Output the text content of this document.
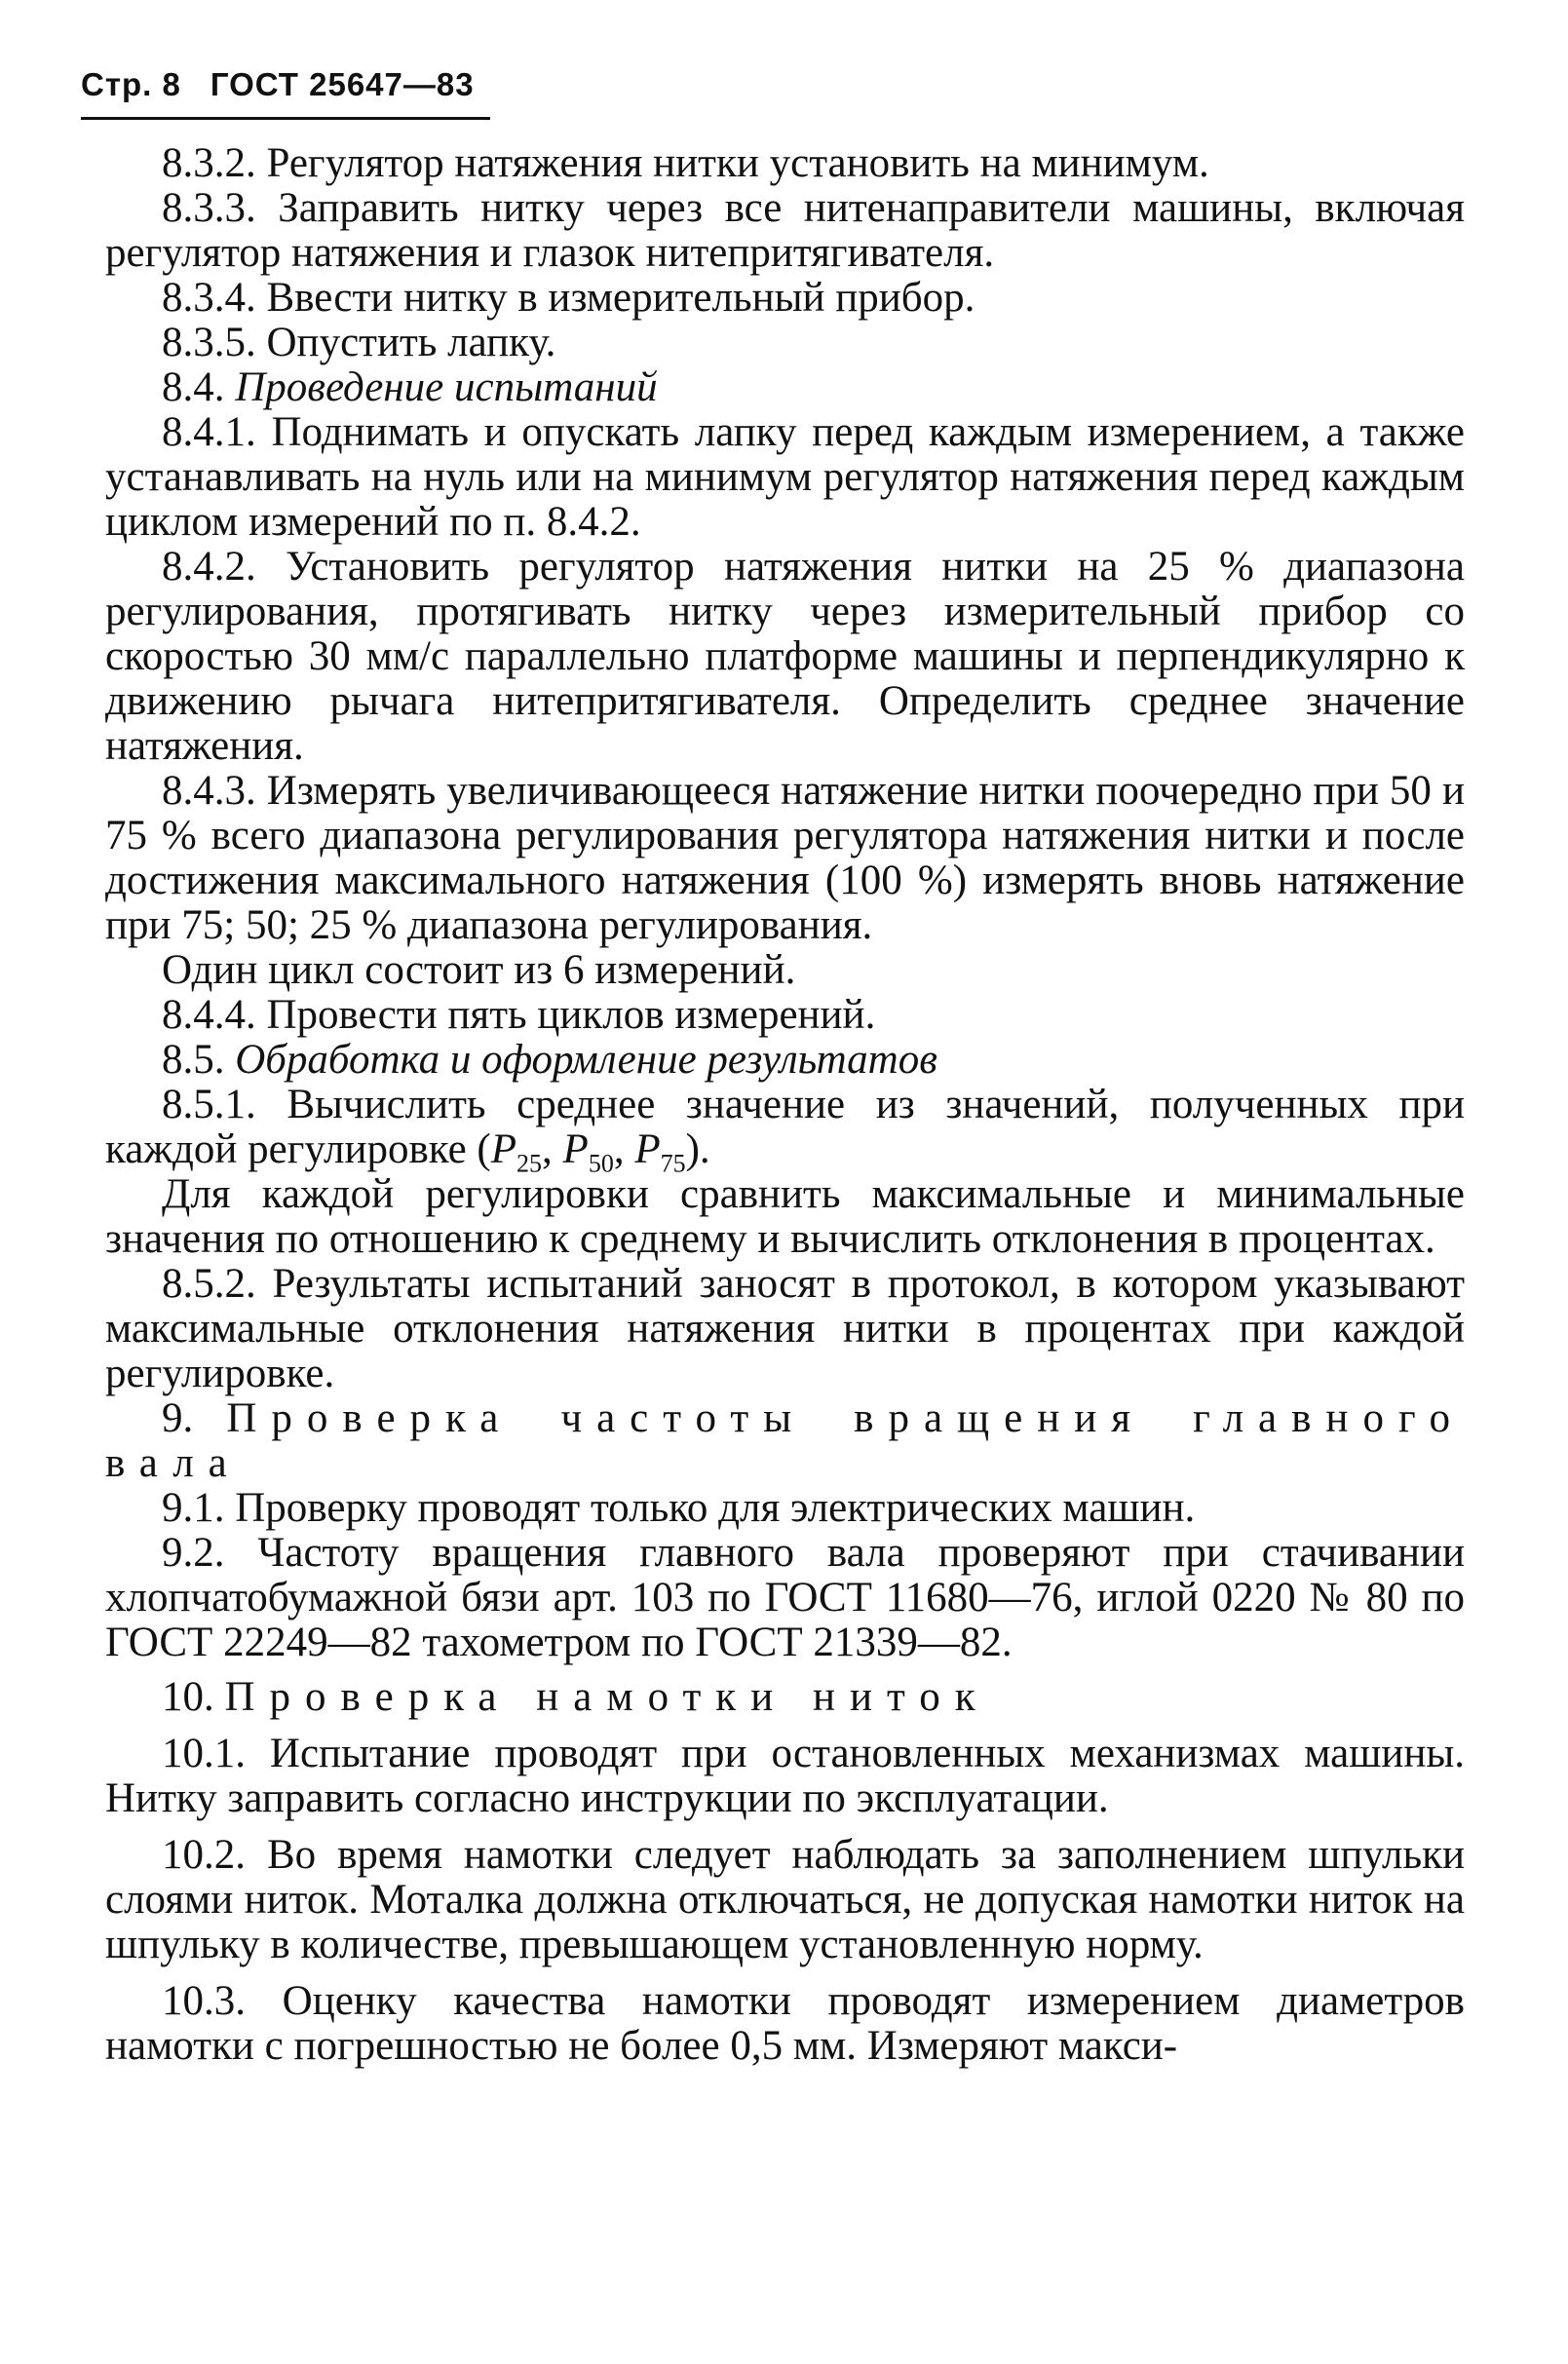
Стр. 8 ГОСТ 25647—83

8.3.2. Регулятор натяжения нитки установить на минимум.

8.3.3. Заправить нитку через все нитенаправители машины, включая регулятор натяжения и глазок нитепритягивателя.

8.3.4. Ввести нитку в измерительный прибор.

8.3.5. Опустить лапку.

8.4. Проведение испытаний

8.4.1. Поднимать и опускать лапку перед каждым измерением, а также устанавливать на нуль или на минимум регулятор натяжения перед каждым циклом измерений по п. 8.4.2.

8.4.2. Установить регулятор натяжения нитки на 25 % диапазона регулирования, протягивать нитку через измерительный прибор со скоростью 30 мм/с параллельно платформе машины и перпендикулярно к движению рычага нитепритягивателя. Определить среднее значение натяжения.

8.4.3. Измерять увеличивающееся натяжение нитки поочередно при 50 и 75 % всего диапазона регулирования регулятора натяжения нитки и после достижения максимального натяжения (100 %) измерять вновь натяжение при 75; 50; 25 % диапазона регулирования.

Один цикл состоит из 6 измерений.

8.4.4. Провести пять циклов измерений.

8.5. Обработка и оформление результатов

8.5.1. Вычислить среднее значение из значений, полученных при каждой регулировке ($P_{25}$, $P_{50}$, $P_{75}$).

Для каждой регулировки сравнить максимальные и минимальные значения по отношению к среднему и вычислить отклонения в процентах.

8.5.2. Результаты испытаний заносят в протокол, в котором указывают максимальные отклонения натяжения нитки в процентах при каждой регулировке.

9. Проверка частоты вращения главного вала

9.1. Проверку проводят только для электрических машин.

9.2. Частоту вращения главного вала проверяют при стачивании хлопчатобумажной бязи арт. 103 по ГОСТ 11680—76, иглой 0220 № 80 по ГОСТ 22249—82 тахометром по ГОСТ 21339—82.

10. Проверка намотки ниток

10.1. Испытание проводят при остановленных механизмах машины. Нитку заправить согласно инструкции по эксплуатации.

10.2. Во время намотки следует наблюдать за заполнением шпульки слоями ниток. Моталка должна отключаться, не допуская намотки ниток на шпульку в количестве, превышающем установленную норму.

10.3. Оценку качества намотки проводят измерением диаметров намотки с погрешностью не более 0,5 мм. Измеряют макси-
